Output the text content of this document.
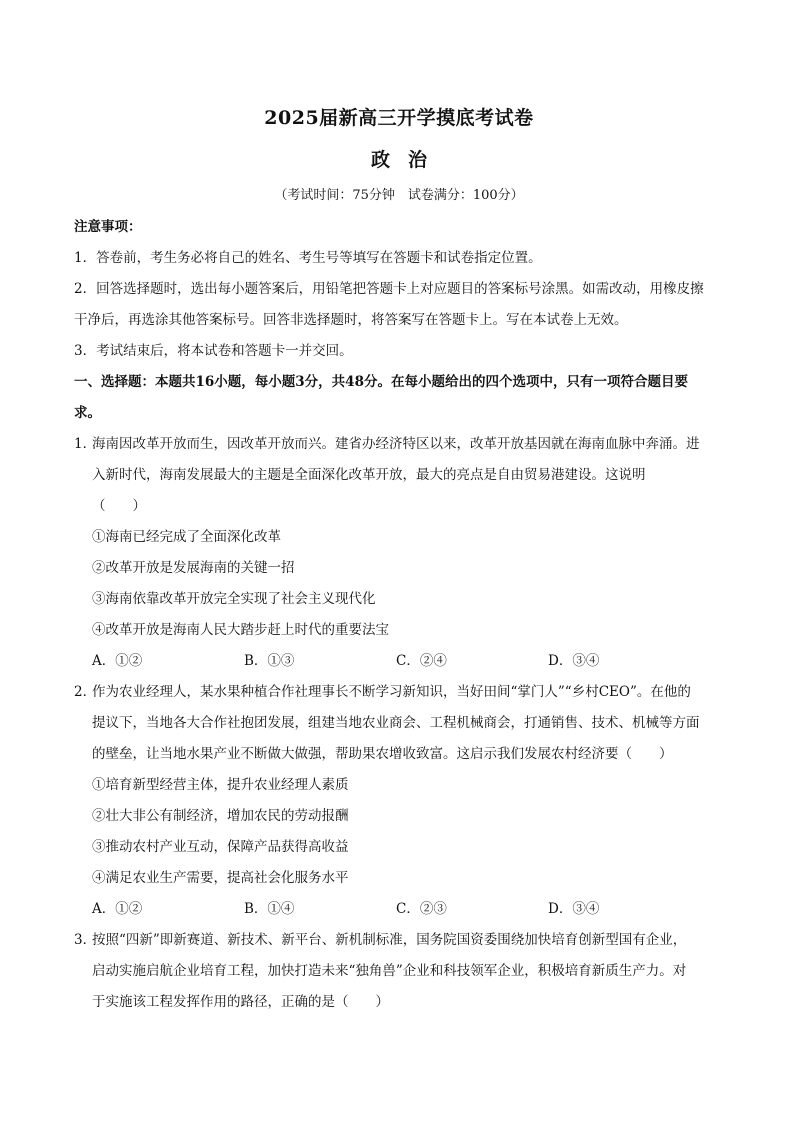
2025届新高三开学摸底考试卷
政治
（考试时间：75分钟　试卷满分：100分）
注意事项：
1．答卷前，考生务必将自己的姓名、考生号等填写在答题卡和试卷指定位置。
2．回答选择题时，选出每小题答案后，用铅笔把答题卡上对应题目的答案标号涂黑。如需改动，用橡皮擦
干净后，再选涂其他答案标号。回答非选择题时，将答案写在答题卡上。写在本试卷上无效。
3．考试结束后，将本试卷和答题卡一并交回。
一、选择题：本题共16小题，每小题3分，共48分。在每小题给出的四个选项中，只有一项符合题目要
求。
1．
海南因改革开放而生，因改革开放而兴。建省办经济特区以来，改革开放基因就在海南血脉中奔涌。进
入新时代，海南发展最大的主题是全面深化改革开放，最大的亮点是自由贸易港建设。这说明
（　　）
①海南已经完成了全面深化改革
②改革开放是发展海南的关键一招
③海南依靠改革开放完全实现了社会主义现代化
④改革开放是海南人民大踏步赶上时代的重要法宝
A．①②	B．①③	C．②④	D．③④
2．
作为农业经理人，某水果种植合作社理事长不断学习新知识，当好田间“掌门人”“乡村CEO”。在他的
提议下，当地各大合作社抱团发展，组建当地农业商会、工程机械商会，打通销售、技术、机械等方面
的壁垒，让当地水果产业不断做大做强，帮助果农增收致富。这启示我们发展农村经济要（　　）
①培育新型经营主体，提升农业经理人素质
②壮大非公有制经济，增加农民的劳动报酬
③推动农村产业互动，保障产品获得高收益
④满足农业生产需要，提高社会化服务水平
A．①②	B．①④	C．②③	D．③④
3．
按照“四新”即新赛道、新技术、新平台、新机制标准，国务院国资委围绕加快培育创新型国有企业，
启动实施启航企业培育工程，加快打造未来“独角兽”企业和科技领军企业，积极培育新质生产力。对
于实施该工程发挥作用的路径，正确的是（　　）
